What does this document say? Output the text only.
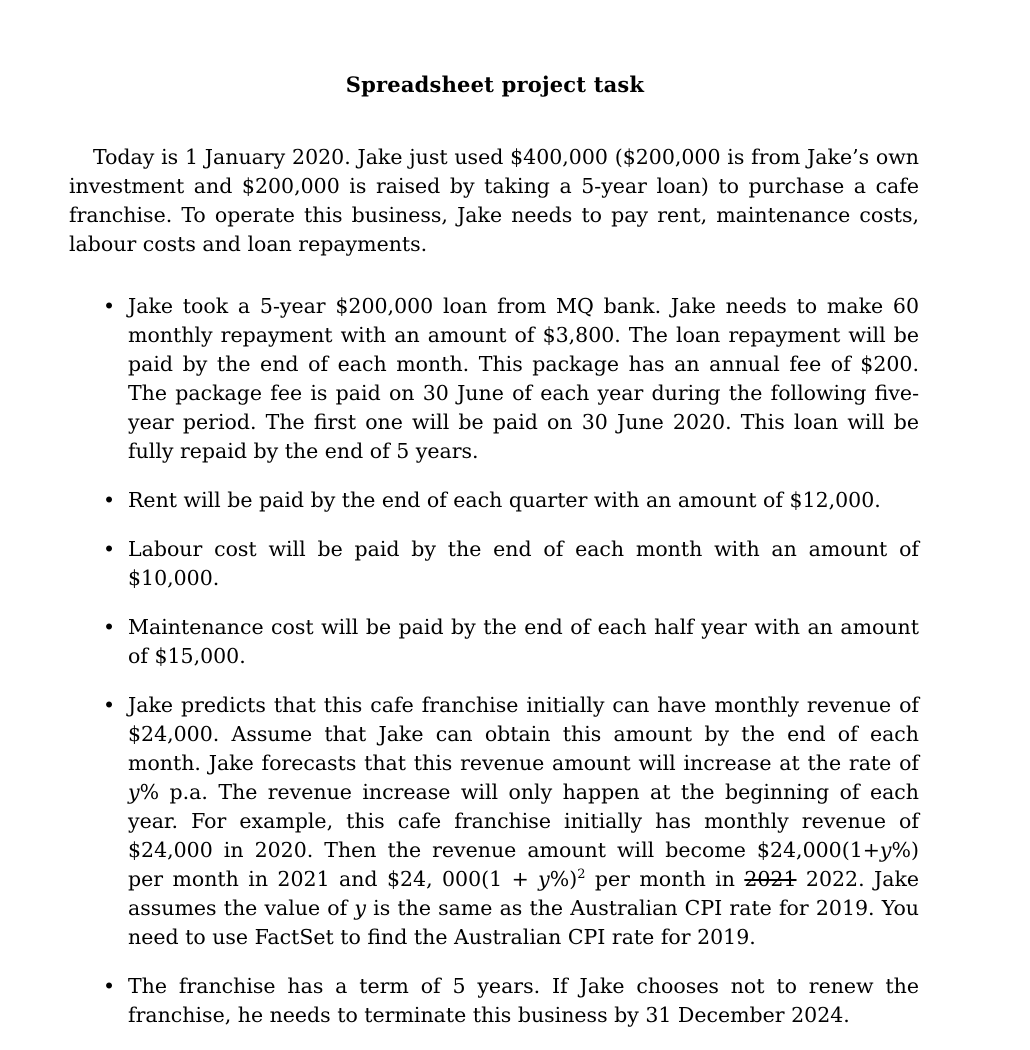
Spreadsheet project task

Today is 1 January 2020. Jake just used $400,000 ($200,000 is from Jake’s own investment and $200,000 is raised by taking a 5-year loan) to purchase a cafe franchise. To operate this business, Jake needs to pay rent, maintenance costs, labour costs and loan repayments.

• Jake took a 5-year $200,000 loan from MQ bank. Jake needs to make 60 monthly repayment with an amount of $3,800. The loan repayment will be paid by the end of each month. This package has an annual fee of $200. The package fee is paid on 30 June of each year during the following five-year period. The first one will be paid on 30 June 2020. This loan will be fully repaid by the end of 5 years.
• Rent will be paid by the end of each quarter with an amount of $12,000.
• Labour cost will be paid by the end of each month with an amount of $10,000.
• Maintenance cost will be paid by the end of each half year with an amount of $15,000.
• Jake predicts that this cafe franchise initially can have monthly revenue of $24,000. Assume that Jake can obtain this amount by the end of each month. Jake forecasts that this revenue amount will increase at the rate of y% p.a. The revenue increase will only happen at the beginning of each year. For example, this cafe franchise initially has monthly revenue of $24,000 in 2020. Then the revenue amount will become $24,000(1+y%) per month in 2021 and $24, $000(1 + y\%)^2$ per month in 2021 2022. Jake assumes the value of y is the same as the Australian CPI rate for 2019. You need to use FactSet to find the Australian CPI rate for 2019.
• The franchise has a term of 5 years. If Jake chooses not to renew the franchise, he needs to terminate this business by 31 December 2024.
